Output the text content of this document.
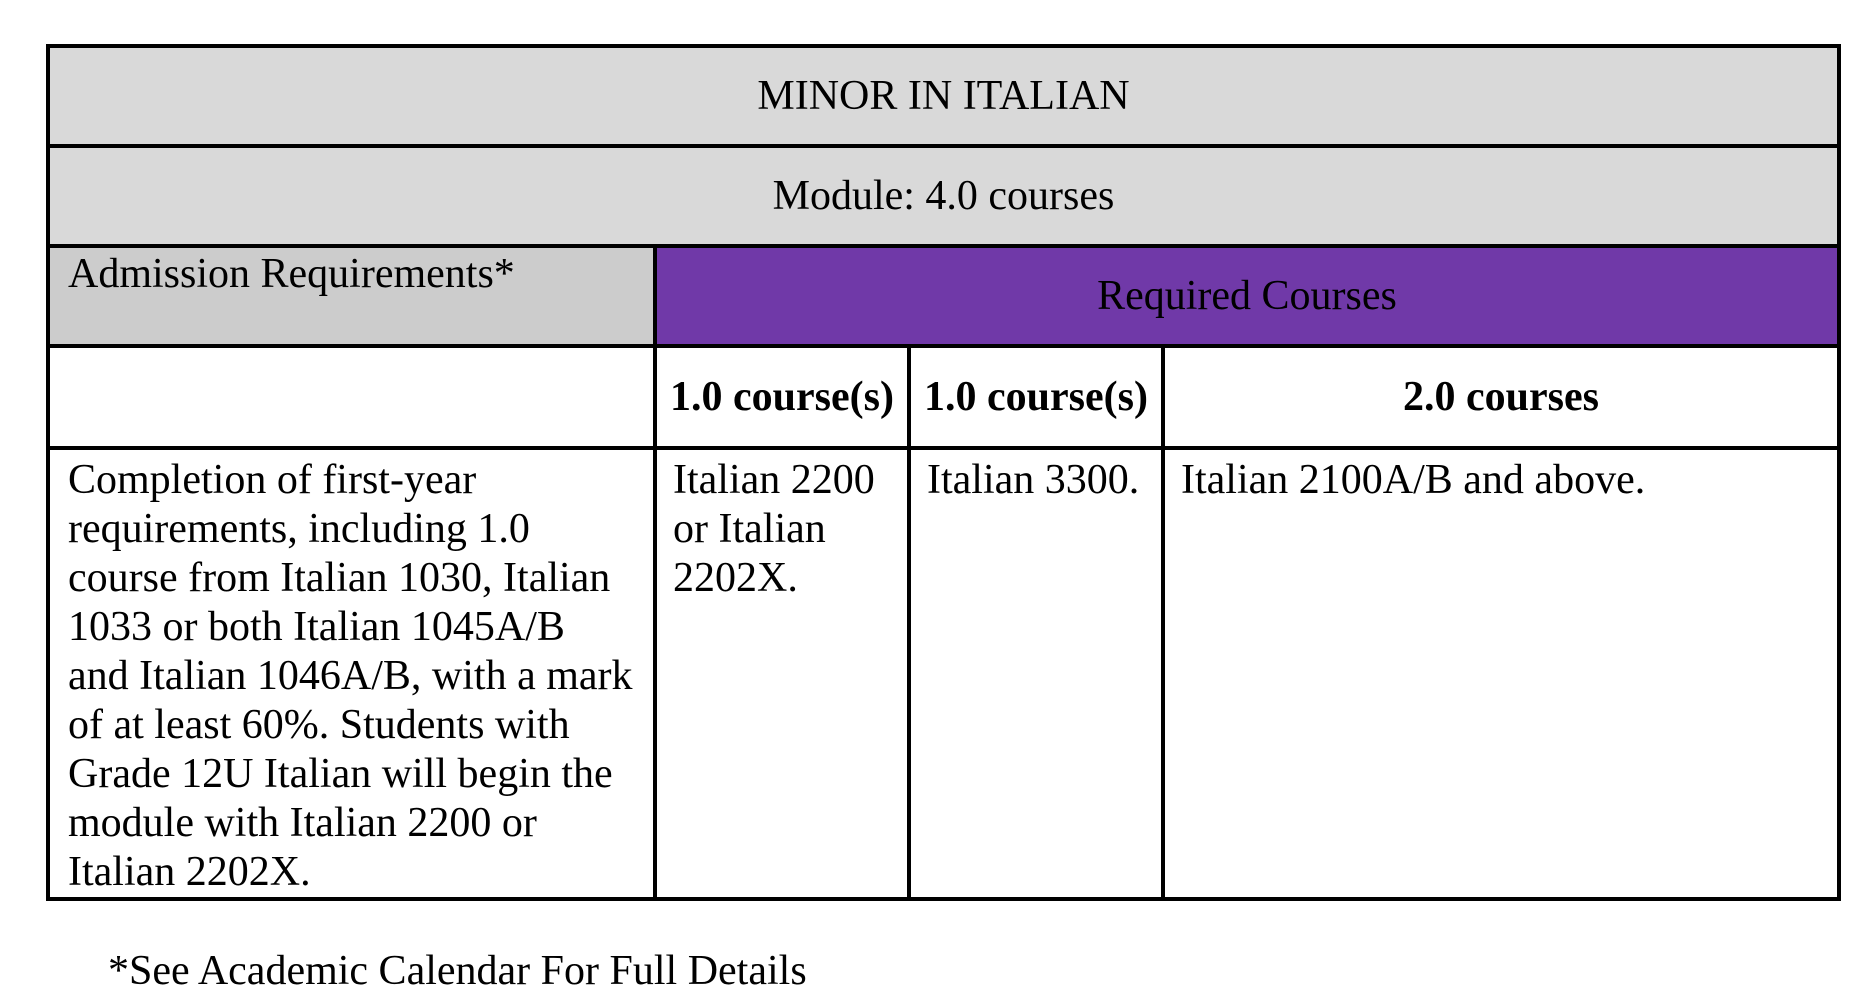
MINOR IN ITALIAN			
Module: 4.0 courses			
Admission Requirements*	Required Courses		
	1.0 course(s)	1.0 course(s)	2.0 courses
Completion of first-year requirements, including 1.0 course from Italian 1030, Italian 1033 or both Italian 1045A/B and Italian 1046A/B, with a mark of at least 60%. Students with Grade 12U Italian will begin the module with Italian 2200 or Italian 2202X.	Italian 2200 or Italian 2202X.	Italian 3300.	Italian 2100A/B and above.
*See Academic Calendar For Full Details
